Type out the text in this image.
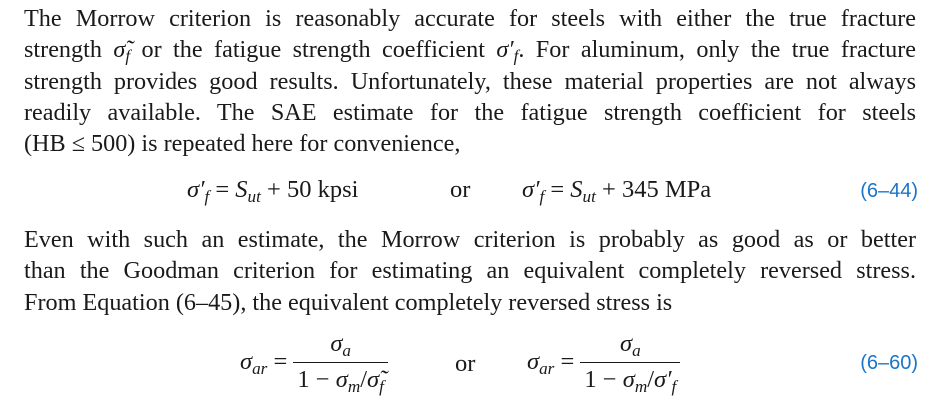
The Morrow criterion is reasonably accurate for steels with either the true fracture
strength $\sigmã_f$ or the fatigue strength coefficient $\sigma'_f$. For aluminum, only the true fracture
strength provides good results. Unfortunately, these material properties are not always
readily available. The SAE estimate for the fatigue strength coefficient for steels
(HB ≤ 500) is repeated here for convenience,
$\sigma'_f = S_{ut} + 50$ kpsi	or $\sigma'_f = S_{ut} + 345$ MPa	(6–44)
Even with such an estimate, the Morrow criterion is probably as good as or better
than the Goodman criterion for estimating an equivalent completely reversed stress.
From Equation (6–45), the equivalent completely reversed stress is
$\sigma_{ar} = \frac{\sigma_a}{1 - \sigma_m/\sigmã_f}$	or $\sigma_{ar} = \frac{\sigma_a}{1 - \sigma_m/\sigma'_f}$	(6–60)
